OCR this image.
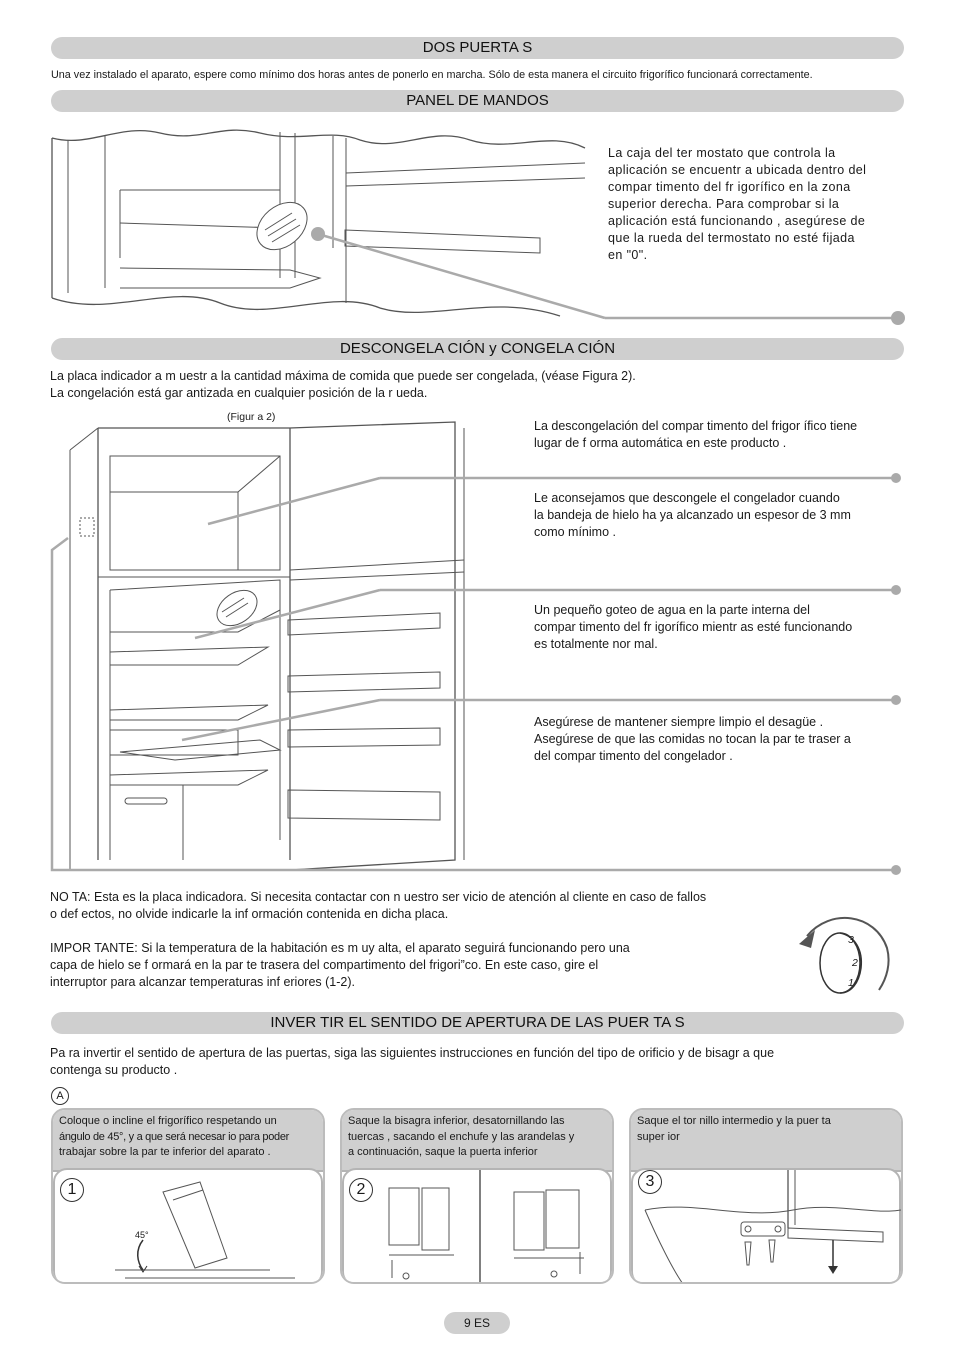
DOS PUERTA S
Una vez instalado el aparato, espere como mínimo dos horas antes de ponerlo en marcha. Sólo de esta manera el circuito frigorífico funcionará correctamente.
PANEL DE MANDOS
La caja del ter mostato que controla la
aplicación se encuentr a ubicada dentro del
compar timento del fr igorífico en la zona
superior derecha. Para comprobar si la
aplicación está funcionando , asegúrese de
que la rueda del termostato no esté fijada
en "0".
DESCONGELA CIÓN y CONGELA CIÓN
La placa indicador a m uestr a la cantidad máxima de comida que puede ser congelada, (véase Figura 2).
La congelación está gar antizada en cualquier posición de la r ueda.
(Figur a 2)
La descongelación del compar timento del frigor ífico tiene
lugar de f orma automática en este producto .
Le aconsejamos que descongele el congelador cuando
la bandeja de hielo ha ya alcanzado un espesor de 3 mm
como mínimo .
Un pequeño goteo de agua en la parte interna del
compar timento del fr igorífico mientr as esté funcionando
es totalmente nor mal.
Asegúrese de mantener siempre limpio el desagüe .
Asegúrese de que las comidas no tocan la par te traser a
del compar timento del congelador .
NO TA: Esta es la placa indicadora. Si necesita contactar con n uestro ser vicio de atención al cliente en caso de fallos
o def ectos, no olvide indicarle la inf ormación contenida en dicha placa.
IMPOR TANTE: Si la temperatura de la habitación es m uy alta, el aparato seguirá funcionando pero una
capa de hielo se f ormará en la par te trasera del compartimento del frigori”co. En este caso, gire el
interruptor para alcanzar temperaturas inf eriores (1-2).
3
2
1
INVER TIR EL SENTIDO DE APERTURA DE LAS PUER TA S
Pa ra invertir el sentido de apertura de las puertas, siga las siguientes instrucciones en función del tipo de orificio y de bisagr a que
contenga su producto .
A
Coloque o incline el frigorífico respetando un
ángulo de 45°, y a que será necesar io para poder
trabajar sobre la par te inferior del aparato .
1
45°
Saque la bisagra inferior, desatornillando las
tuercas , sacando el enchufe y las arandelas y
a continuación, saque la puerta inferior
2
Saque el tor nillo intermedio y la puer ta
super ior
3
9 ES
